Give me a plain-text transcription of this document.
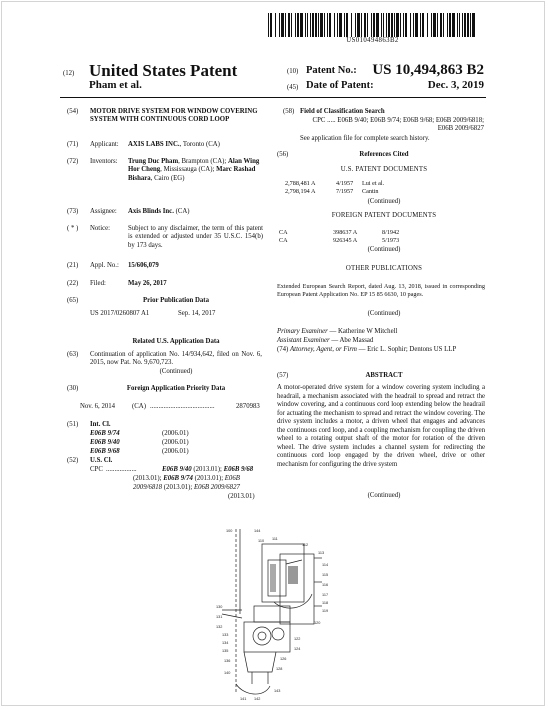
US010494863B2
(12) United States Patent
Pham et al.
(10) Patent No.:	US 10,494,863 B2
(45) Date of Patent:	Dec. 3, 2019
(54) MOTOR DRIVE SYSTEM FOR WINDOW COVERING SYSTEM WITH CONTINUOUS CORD LOOP
(71) Applicant: AXIS LABS INC., Toronto (CA)
(72) Inventors: Trung Duc Pham, Brampton (CA); Alan Wing Hor Cheng, Mississauga (CA); Marc Rashad Bishara, Cairo (EG)
(73) Assignee: Axis Blinds Inc. (CA)
( * ) Notice:	Subject to any disclaimer, the term of this patent is extended or adjusted under 35 U.S.C. 154(b) by 173 days.
(21) Appl. No.: 15/606,079
(22) Filed:	May 26, 2017
(65)	Prior Publication Data
US 2017/0260807 A1	Sep. 14, 2017
Related U.S. Application Data
(63) Continuation of application No. 14/934,642, filed on Nov. 6, 2015, now Pat. No. 9,670,723.
(Continued)
(30)	Foreign Application Priority Data
Nov. 6, 2014 (CA) ......................................	2870983
(51) Int. Cl.
E06B 9/74	(2006.01)
E06B 9/40	(2006.01)
E06B 9/68	(2006.01)
(52) U.S. Cl.
CPC ..................	E06B 9/40 (2013.01); E06B 9/68
(2013.01); E06B 9/74 (2013.01); E06B
2009/6818 (2013.01); E06B 2009/6827
(2013.01)
(58) Field of Classification Search
CPC ..... E06B 9/40; E06B 9/74; E06B 9/68; E06B 2009/6818; E06B 2009/6827
See application file for complete search history.
(56)	References Cited
U.S. PATENT DOCUMENTS
2,788,481 A	4/1957 Lui et al.
2,798,194 A	7/1957 Cantin
(Continued)
FOREIGN PATENT DOCUMENTS
CA	398637 A	8/1942
CA	926345 A	5/1973
(Continued)
OTHER PUBLICATIONS
Extended European Search Report, dated Aug. 13, 2018, issued in corresponding European Patent Application No. EP 15 85 6630, 10 pages.
(Continued)
Primary Examiner — Katherine W Mitchell
Assistant Examiner — Abe Massad
(74) Attorney, Agent, or Firm — Eric L. Sophir; Dentons US LLP
(57)	ABSTRACT
A motor-operated drive system for a window covering system including a headrail, a mechanism associated with the headrail to spread and retract the window covering, and a continuous cord loop extending below the headrail for actuating the mechanism to spread and retract the window covering. The drive system includes a motor, a driven wheel that engages and advances the continuous cord loop, and a coupling mechanism for coupling the driven wheel to a rotating output shaft of the motor for rotation of the driven wheel. The drive system includes a channel system for redirecting the continuous cord loop engaged by the driven wheel, drive or other mechanism for configuring the drive system
(Continued)
100
110 111
112
113
114
115
116
117
118
119
120
122
124
126
128
130
131
132
133
134
135
136
140
141 142
143
144
